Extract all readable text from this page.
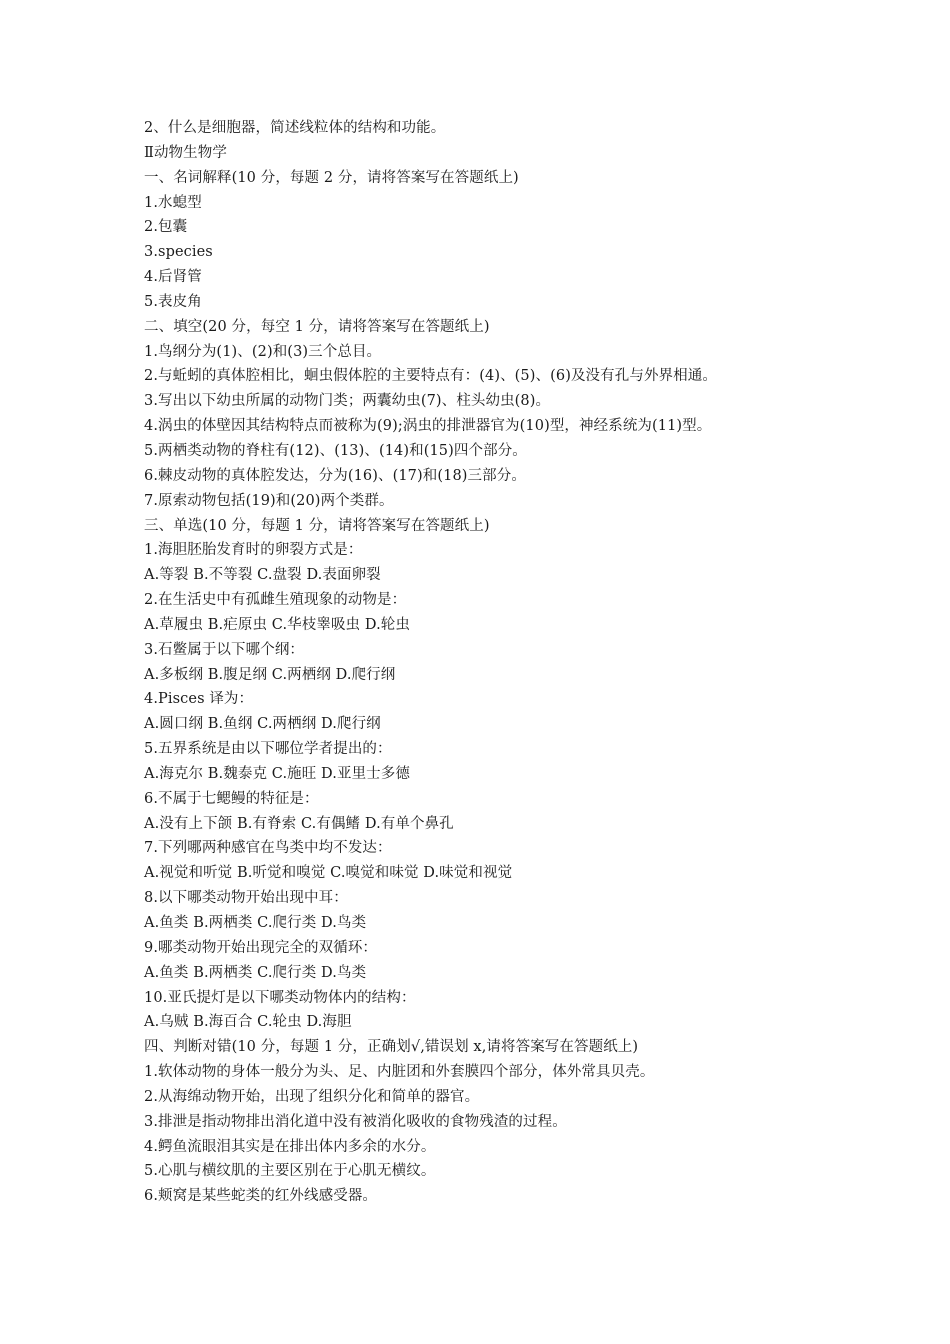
2、什么是细胞器，简述线粒体的结构和功能。
Ⅱ动物生物学
一、名词解释(10 分，每题 2 分，请将答案写在答题纸上)
1.水螅型
2.包囊
3.species
4.后肾管
5.表皮角
二、填空(20 分，每空 1 分，请将答案写在答题纸上)
1.鸟纲分为(1)、(2)和(3)三个总目。
2.与蚯蚓的真体腔相比，蛔虫假体腔的主要特点有：(4)、(5)、(6)及没有孔与外界相通。
3.写出以下幼虫所属的动物门类；两囊幼虫(7)、柱头幼虫(8)。
4.涡虫的体壁因其结构特点而被称为(9);涡虫的排泄器官为(10)型，神经系统为(11)型。
5.两栖类动物的脊柱有(12)、(13)、(14)和(15)四个部分。
6.棘皮动物的真体腔发达，分为(16)、(17)和(18)三部分。
7.原索动物包括(19)和(20)两个类群。
三、单选(10 分，每题 1 分，请将答案写在答题纸上)
1.海胆胚胎发育时的卵裂方式是：
A.等裂 B.不等裂 C.盘裂 D.表面卵裂
2.在生活史中有孤雌生殖现象的动物是：
A.草履虫 B.疟原虫 C.华枝睾吸虫 D.轮虫
3.石鳖属于以下哪个纲：
A.多板纲 B.腹足纲 C.两栖纲 D.爬行纲
4.Pisces 译为：
A.圆口纲 B.鱼纲 C.两栖纲 D.爬行纲
5.五界系统是由以下哪位学者提出的：
A.海克尔 B.魏泰克 C.施旺 D.亚里士多德
6.不属于七鳃鳗的特征是：
A.没有上下颌 B.有脊索 C.有偶鳍 D.有单个鼻孔
7.下列哪两种感官在鸟类中均不发达：
A.视觉和听觉 B.听觉和嗅觉 C.嗅觉和味觉 D.味觉和视觉
8.以下哪类动物开始出现中耳：
A.鱼类 B.两栖类 C.爬行类 D.鸟类
9.哪类动物开始出现完全的双循环：
A.鱼类 B.两栖类 C.爬行类 D.鸟类
10.亚氏提灯是以下哪类动物体内的结构：
A.乌贼 B.海百合 C.轮虫 D.海胆
四、判断对错(10 分，每题 1 分，正确划√,错误划 x,请将答案写在答题纸上)
1.软体动物的身体一般分为头、足、内脏团和外套膜四个部分，体外常具贝壳。
2.从海绵动物开始，出现了组织分化和简单的器官。
3.排泄是指动物排出消化道中没有被消化吸收的食物残渣的过程。
4.鳄鱼流眼泪其实是在排出体内多余的水分。
5.心肌与横纹肌的主要区别在于心肌无横纹。
6.颊窝是某些蛇类的红外线感受器。
